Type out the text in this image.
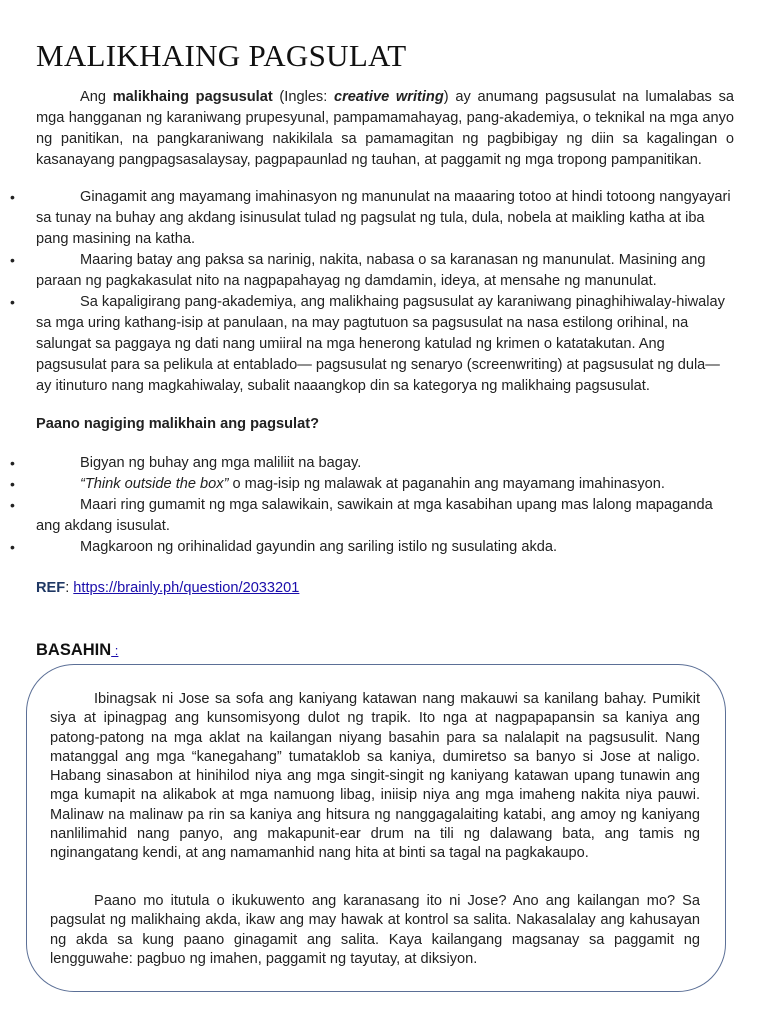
MALIKHAING PAGSULAT

Ang malikhaing pagsusulat (Ingles: creative writing) ay anumang pagsusulat na lumalabas sa mga hangganan ng karaniwang prupesyunal, pampamamahayag, pang-akademiya, o teknikal na mga anyo ng panitikan, na pangkaraniwang nakikilala sa pamamagitan ng pagbibigay ng diin sa kagalingan o kasanayang pangpagsasalaysay, pagpapaunlad ng tauhan, at paggamit ng mga tropong pampanitikan.

•	Ginagamit ang mayamang imahinasyon ng manunulat na maaaring totoo at hindi totoong nangyayari sa tunay na buhay ang akdang isinusulat tulad ng pagsulat ng tula, dula, nobela at maikling katha at iba pang masining na katha.
•	Maaring batay ang paksa sa narinig, nakita, nabasa o sa karanasan ng manunulat. Masining ang paraan ng pagkakasulat nito na nagpapahayag ng damdamin, ideya, at mensahe ng manunulat.
•	Sa kapaligirang pang-akademiya, ang malikhaing pagsusulat ay karaniwang pinaghihiwalay-hiwalay sa mga uring kathang-isip at panulaan, na may pagtutuon sa pagsusulat na nasa estilong orihinal, na salungat sa paggaya ng dati nang umiiral na mga henerong katulad ng krimen o katatakutan. Ang pagsusulat para sa pelikula at entablado— pagsusulat ng senaryo (screenwriting) at pagsusulat ng dula— ay itinuturo nang magkahiwalay, subalit naaangkop din sa kategorya ng malikhaing pagsusulat.

Paano nagiging malikhain ang pagsulat?

•	Bigyan ng buhay ang mga maliliit na bagay.
•	“Think outside the box” o mag-isip ng malawak at paganahin ang mayamang imahinasyon.
•	Maari ring gumamit ng mga salawikain, sawikain at mga kasabihan upang mas lalong mapaganda ang akdang isusulat.
•	Magkaroon ng orihinalidad gayundin ang sariling istilo ng susulating akda.

REF: https://brainly.ph/question/2033201

BASAHIN :

Ibinagsak ni Jose sa sofa ang kaniyang katawan nang makauwi sa kanilang bahay. Pumikit siya at ipinagpag ang kunsomisyong dulot ng trapik. Ito nga at nagpapapansin sa kaniya ang patong-patong na mga aklat na kailangan niyang basahin para sa nalalapit na pagsusulit. Nang matanggal ang mga “kanegahang” tumataklob sa kaniya, dumiretso sa banyo si Jose at naligo. Habang sinasabon at hinihilod niya ang mga singit-singit ng kaniyang katawan upang tunawin ang mga kumapit na alikabok at mga namuong libag, iniisip niya ang mga imaheng nakita niya pauwi. Malinaw na malinaw pa rin sa kaniya ang hitsura ng nanggagalaiting katabi, ang amoy ng kaniyang nanlilimahid nang panyo, ang makapunit-ear drum na tili ng dalawang bata, ang tamis ng nginangatang kendi, at ang namamanhid nang hita at binti sa tagal na pagkakaupo.

Paano mo itutula o ikukuwento ang karanasang ito ni Jose? Ano ang kailangan mo? Sa pagsulat ng malikhaing akda, ikaw ang may hawak at kontrol sa salita. Nakasalalay ang kahusayan ng akda sa kung paano ginagamit ang salita. Kaya kailangang magsanay sa paggamit ng lengguwahe: pagbuo ng imahen, paggamit ng tayutay, at diksiyon.
